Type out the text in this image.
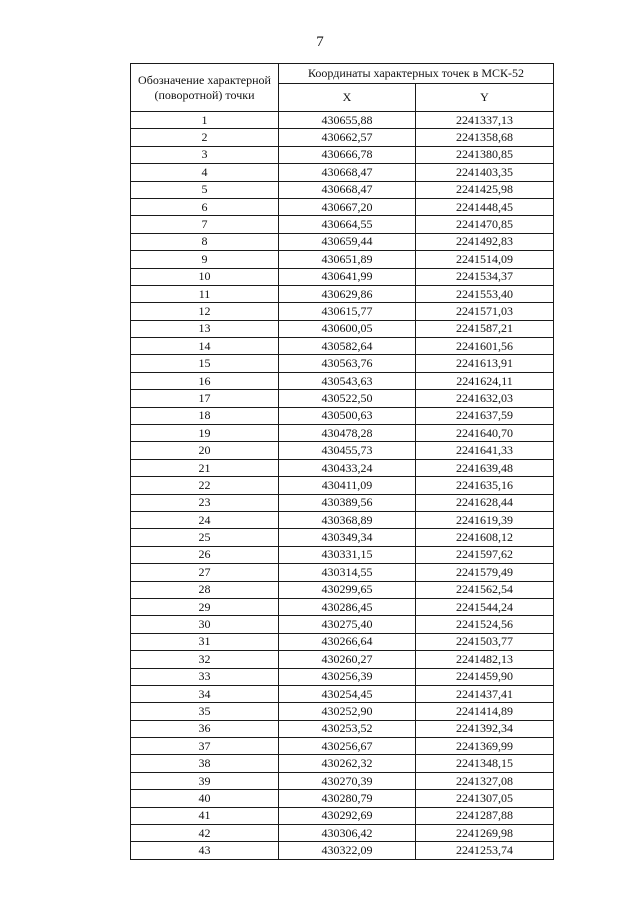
7
Обозначение характерной (поворотной) точки	Координаты характерных точек в МСК-52	
	X	Y
1	430655,88	2241337,13
2	430662,57	2241358,68
3	430666,78	2241380,85
4	430668,47	2241403,35
5	430668,47	2241425,98
6	430667,20	2241448,45
7	430664,55	2241470,85
8	430659,44	2241492,83
9	430651,89	2241514,09
10	430641,99	2241534,37
11	430629,86	2241553,40
12	430615,77	2241571,03
13	430600,05	2241587,21
14	430582,64	2241601,56
15	430563,76	2241613,91
16	430543,63	2241624,11
17	430522,50	2241632,03
18	430500,63	2241637,59
19	430478,28	2241640,70
20	430455,73	2241641,33
21	430433,24	2241639,48
22	430411,09	2241635,16
23	430389,56	2241628,44
24	430368,89	2241619,39
25	430349,34	2241608,12
26	430331,15	2241597,62
27	430314,55	2241579,49
28	430299,65	2241562,54
29	430286,45	2241544,24
30	430275,40	2241524,56
31	430266,64	2241503,77
32	430260,27	2241482,13
33	430256,39	2241459,90
34	430254,45	2241437,41
35	430252,90	2241414,89
36	430253,52	2241392,34
37	430256,67	2241369,99
38	430262,32	2241348,15
39	430270,39	2241327,08
40	430280,79	2241307,05
41	430292,69	2241287,88
42	430306,42	2241269,98
43	430322,09	2241253,74
